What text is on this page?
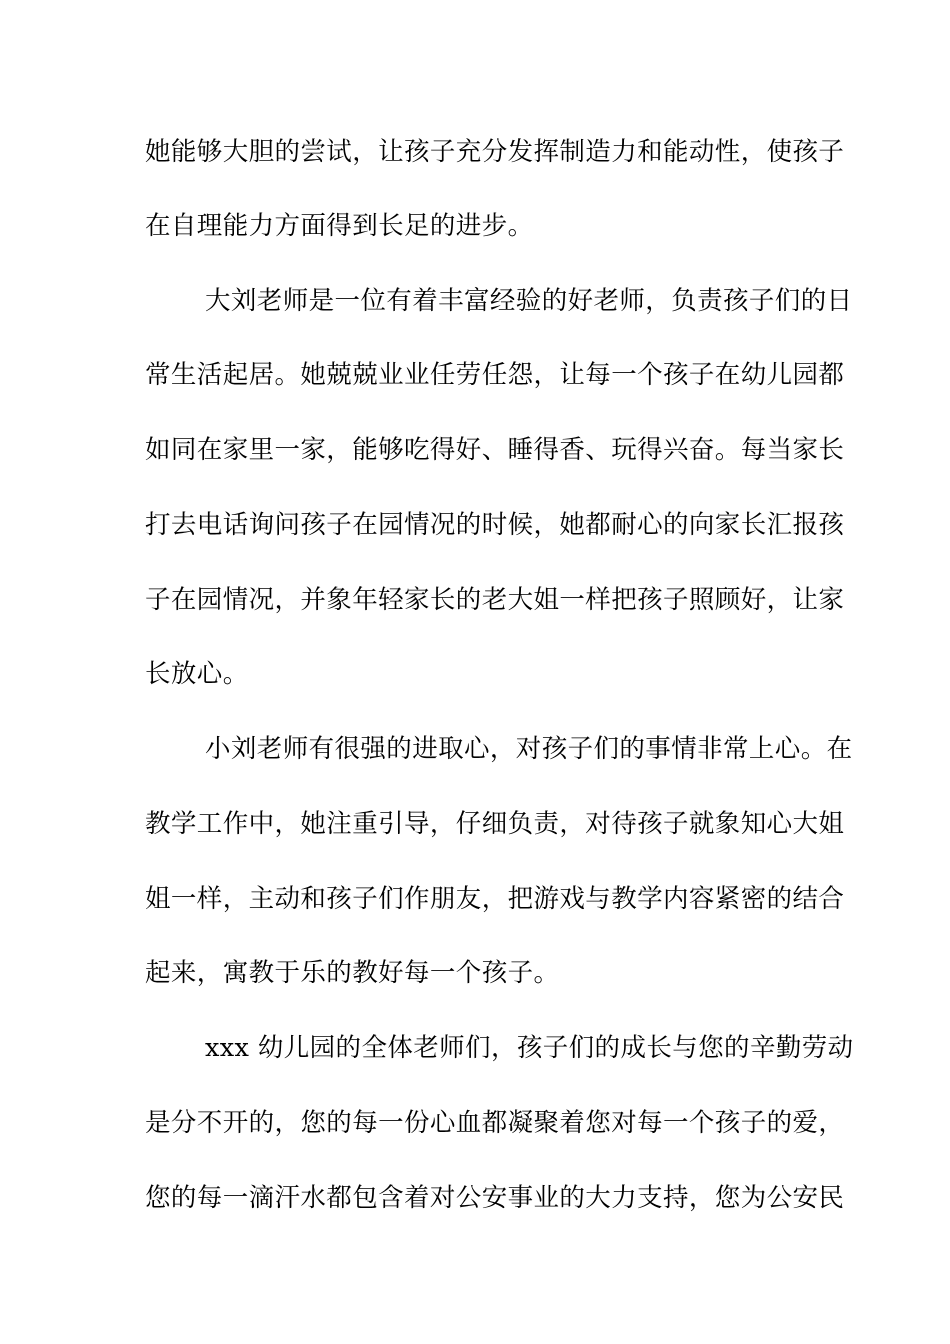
她能够大胆的尝试，让孩子充分发挥制造力和能动性，使孩子
在自理能力方面得到长足的进步。
大刘老师是一位有着丰富经验的好老师，负责孩子们的日
常生活起居。她兢兢业业任劳任怨，让每一个孩子在幼儿园都
如同在家里一家，能够吃得好、睡得香、玩得兴奋。每当家长
打去电话询问孩子在园情况的时候，她都耐心的向家长汇报孩
子在园情况，并象年轻家长的老大姐一样把孩子照顾好，让家
长放心。
小刘老师有很强的进取心，对孩子们的事情非常上心。在
教学工作中，她注重引导，仔细负责，对待孩子就象知心大姐
姐一样，主动和孩子们作朋友，把游戏与教学内容紧密的结合
起来，寓教于乐的教好每一个孩子。
xxx 幼儿园的全体老师们，孩子们的成长与您的辛勤劳动
是分不开的，您的每一份心血都凝聚着您对每一个孩子的爱，
您的每一滴汗水都包含着对公安事业的大力支持，您为公安民
